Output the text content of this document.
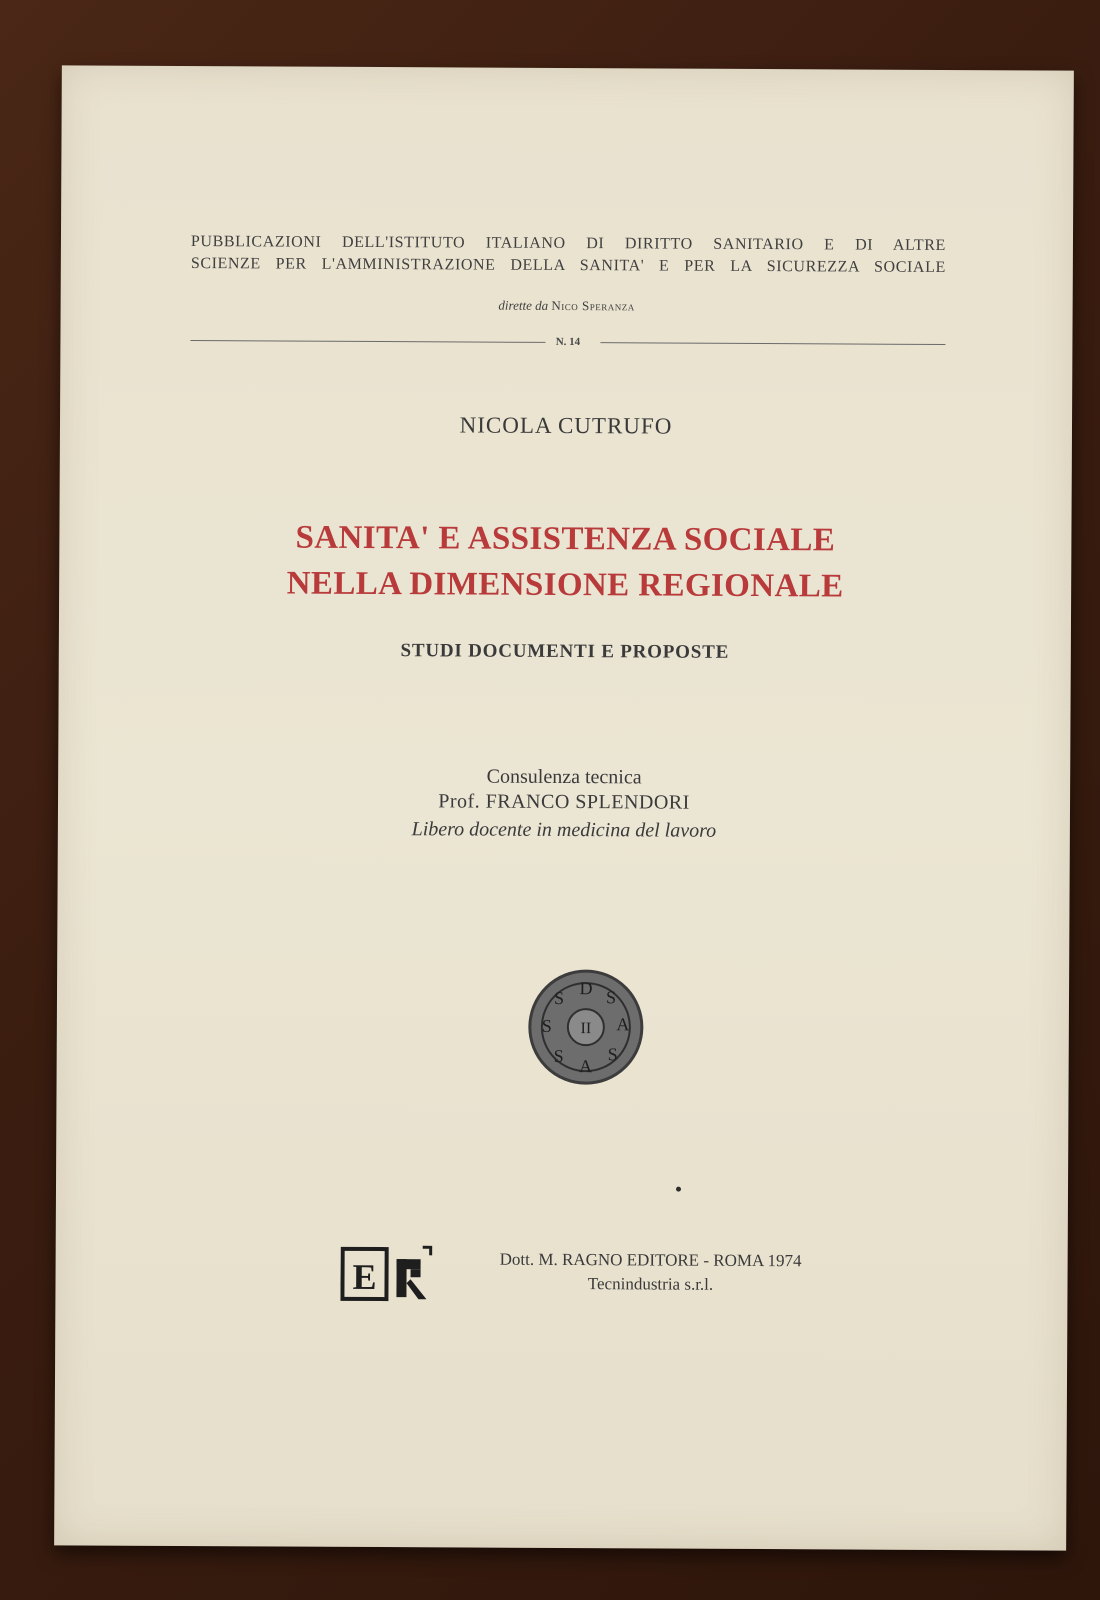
PUBBLICAZIONI DELL'ISTITUTO ITALIANO DI DIRITTO SANITARIO E DI ALTRE
SCIENZE PER L'AMMINISTRAZIONE DELLA SANITA' E PER LA SICUREZZA SOCIALE
dirette da Nico Speranza
N. 14
NICOLA CUTRUFO
SANITA' E ASSISTENZA SOCIALE
NELLA DIMENSIONE REGIONALE
STUDI DOCUMENTI E PROPOSTE
Consulenza tecnica
Prof. FRANCO SPLENDORI
Libero docente in medicina del lavoro
II
D S
A
S
A
S
S
S
E	Dott. M. RAGNO EDITORE - ROMA 1974
Tecnindustria s.r.l.
